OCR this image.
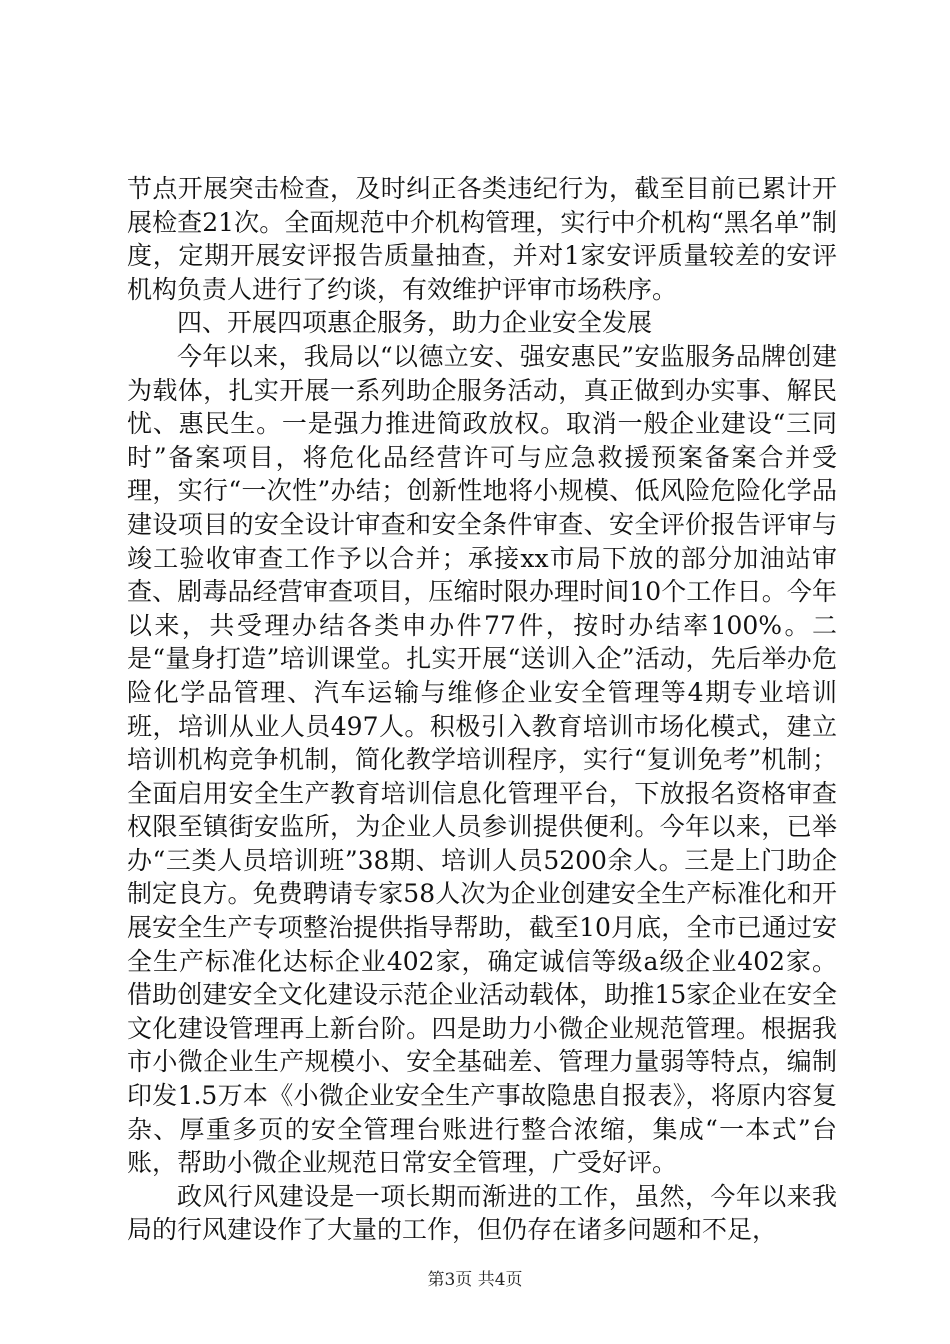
节点开展突击检查，及时纠正各类违纪行为，截至目前已累计开展检查21次。全面规范中介机构管理，实行中介机构“黑名单”制度，定期开展安评报告质量抽查，并对1家安评质量较差的安评机构负责人进行了约谈，有效维护评审市场秩序。

四、开展四项惠企服务，助力企业安全发展

今年以来，我局以“以德立安、强安惠民”安监服务品牌创建为载体，扎实开展一系列助企服务活动，真正做到办实事、解民忧、惠民生。一是强力推进简政放权。取消一般企业建设“三同时”备案项目，将危化品经营许可与应急救援预案备案合并受理，实行“一次性”办结；创新性地将小规模、低风险危险化学品建设项目的安全设计审查和安全条件审查、安全评价报告评审与竣工验收审查工作予以合并；承接xx市局下放的部分加油站审查、剧毒品经营审查项目，压缩时限办理时间10个工作日。今年以来，共受理办结各类申办件77件，按时办结率100%。二是“量身打造”培训课堂。扎实开展“送训入企”活动，先后举办危险化学品管理、汽车运输与维修企业安全管理等4期专业培训班，培训从业人员497人。积极引入教育培训市场化模式，建立培训机构竞争机制，简化教学培训程序，实行“复训免考”机制；全面启用安全生产教育培训信息化管理平台，下放报名资格审查权限至镇街安监所，为企业人员参训提供便利。今年以来，已举办“三类人员培训班”38期、培训人员5200余人。三是上门助企制定良方。免费聘请专家58人次为企业创建安全生产标准化和开展安全生产专项整治提供指导帮助，截至10月底，全市已通过安全生产标准化达标企业402家，确定诚信等级a级企业402家。借助创建安全文化建设示范企业活动载体，助推15家企业在安全文化建设管理再上新台阶。四是助力小微企业规范管理。根据我市小微企业生产规模小、安全基础差、管理力量弱等特点，编制印发1.5万本《小微企业安全生产事故隐患自报表》，将原内容复杂、厚重多页的安全管理台账进行整合浓缩，集成“一本式”台账，帮助小微企业规范日常安全管理，广受好评。

政风行风建设是一项长期而渐进的工作，虽然，今年以来我局的行风建设作了大量的工作，但仍存在诸多问题和不足，

第3页 共4页
